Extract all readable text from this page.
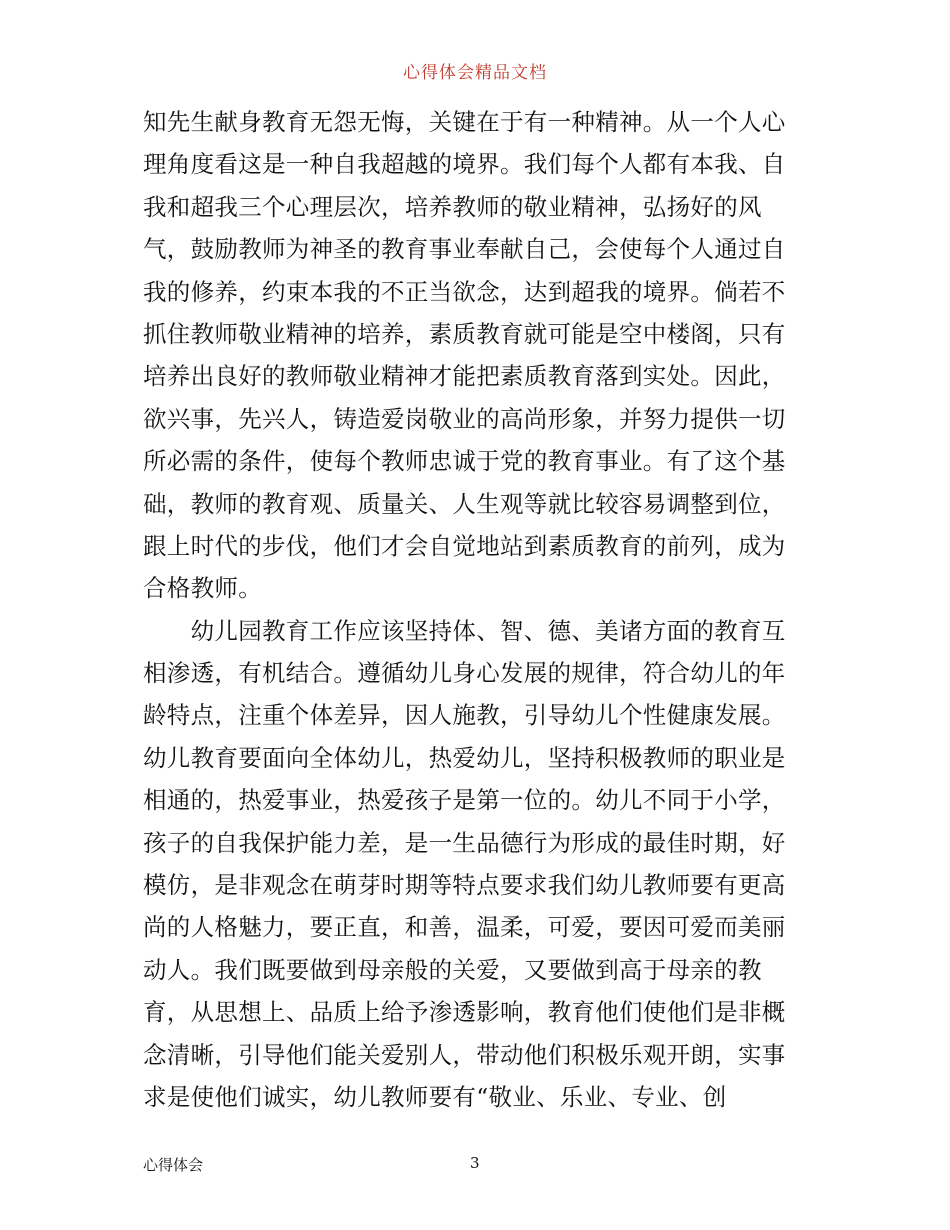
心得体会精品文档
知先生献身教育无怨无悔，关键在于有一种精神。从一个人心
理角度看这是一种自我超越的境界。我们每个人都有本我、自
我和超我三个心理层次，培养教师的敬业精神，弘扬好的风
气，鼓励教师为神圣的教育事业奉献自己，会使每个人通过自
我的修养，约束本我的不正当欲念，达到超我的境界。倘若不
抓住教师敬业精神的培养，素质教育就可能是空中楼阁，只有
培养出良好的教师敬业精神才能把素质教育落到实处。因此，
欲兴事，先兴人，铸造爱岗敬业的高尚形象，并努力提供一切
所必需的条件，使每个教师忠诚于党的教育事业。有了这个基
础，教师的教育观、质量关、人生观等就比较容易调整到位，
跟上时代的步伐，他们才会自觉地站到素质教育的前列，成为
合格教师。
　　幼儿园教育工作应该坚持体、智、德、美诸方面的教育互
相渗透，有机结合。遵循幼儿身心发展的规律，符合幼儿的年
龄特点，注重个体差异，因人施教，引导幼儿个性健康发展。
幼儿教育要面向全体幼儿，热爱幼儿，坚持积极教师的职业是
相通的，热爱事业，热爱孩子是第一位的。幼儿不同于小学，
孩子的自我保护能力差，是一生品德行为形成的最佳时期，好
模仿，是非观念在萌芽时期等特点要求我们幼儿教师要有更高
尚的人格魅力，要正直，和善，温柔，可爱，要因可爱而美丽
动人。我们既要做到母亲般的关爱，又要做到高于母亲的教
育，从思想上、品质上给予渗透影响，教育他们使他们是非概
念清晰，引导他们能关爱别人，带动他们积极乐观开朗，实事
求是使他们诚实，幼儿教师要有“敬业、乐业、专业、创
心得体会	3
